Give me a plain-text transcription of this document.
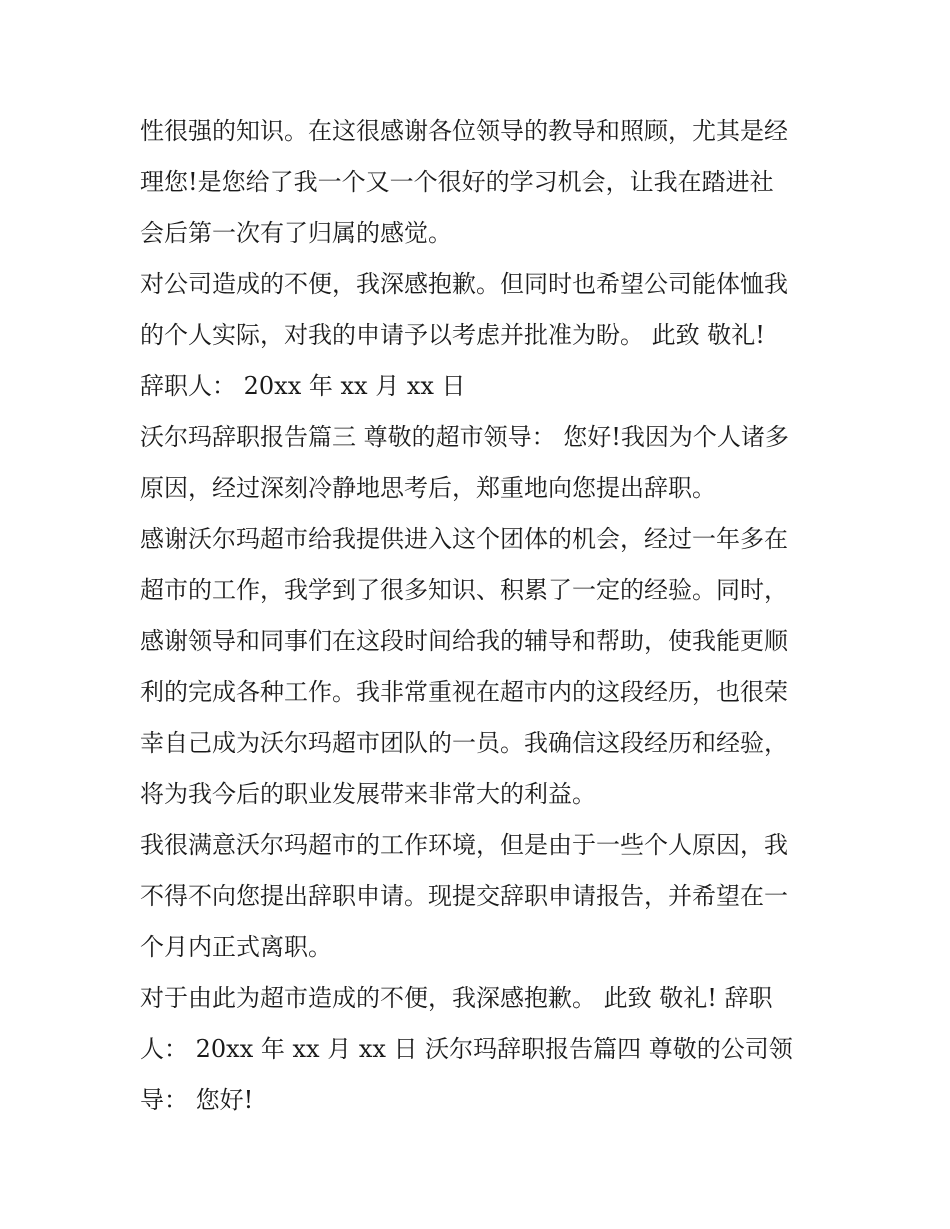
性很强的知识。在这很感谢各位领导的教导和照顾，尤其是经
理您!是您给了我一个又一个很好的学习机会，让我在踏进社
会后第一次有了归属的感觉。
对公司造成的不便，我深感抱歉。但同时也希望公司能体恤我
的个人实际，对我的申请予以考虑并批准为盼。 此致 敬礼!
辞职人： 20xx 年 xx 月 xx 日
沃尔玛辞职报告篇三 尊敬的超市领导： 您好!我因为个人诸多
原因，经过深刻冷静地思考后，郑重地向您提出辞职。
感谢沃尔玛超市给我提供进入这个团体的机会，经过一年多在
超市的工作，我学到了很多知识、积累了一定的经验。同时，
感谢领导和同事们在这段时间给我的辅导和帮助，使我能更顺
利的完成各种工作。我非常重视在超市内的这段经历，也很荣
幸自己成为沃尔玛超市团队的一员。我确信这段经历和经验，
将为我今后的职业发展带来非常大的利益。
我很满意沃尔玛超市的工作环境，但是由于一些个人原因，我
不得不向您提出辞职申请。现提交辞职申请报告，并希望在一
个月内正式离职。
对于由此为超市造成的不便，我深感抱歉。 此致 敬礼! 辞职
人： 20xx 年 xx 月 xx 日 沃尔玛辞职报告篇四 尊敬的公司领
导： 您好!
